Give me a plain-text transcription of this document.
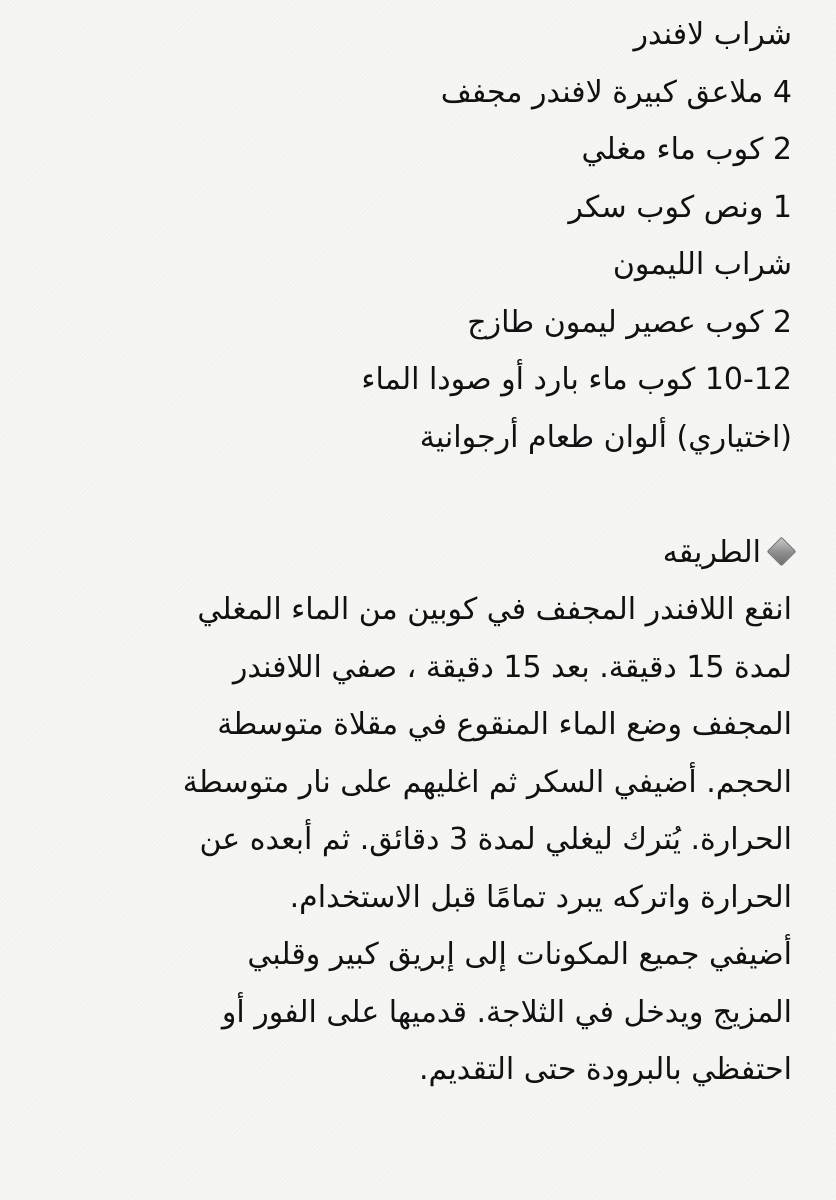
شراب لافندر
4 ملاعق كبيرة لافندر مجفف
2 كوب ماء مغلي
1 ونص كوب سكر
شراب الليمون
2 كوب عصير ليمون طازج
10-12 كوب ماء بارد أو صودا الماء
(اختياري) ألوان طعام أرجوانية
الطريقه
انقع اللافندر المجفف في كوبين من الماء المغلي
لمدة 15 دقيقة. بعد 15 دقيقة ، صفي اللافندر
المجفف وضع الماء المنقوع في مقلاة متوسطة
الحجم. أضيفي السكر ثم اغليهم على نار متوسطة
الحرارة. يُترك ليغلي لمدة 3 دقائق. ثم أبعده عن
الحرارة واتركه يبرد تمامًا قبل الاستخدام.
أضيفي جميع المكونات إلى إبريق كبير وقلبي
المزيج ويدخل في الثلاجة. قدميها على الفور أو
احتفظي بالبرودة حتى التقديم.
